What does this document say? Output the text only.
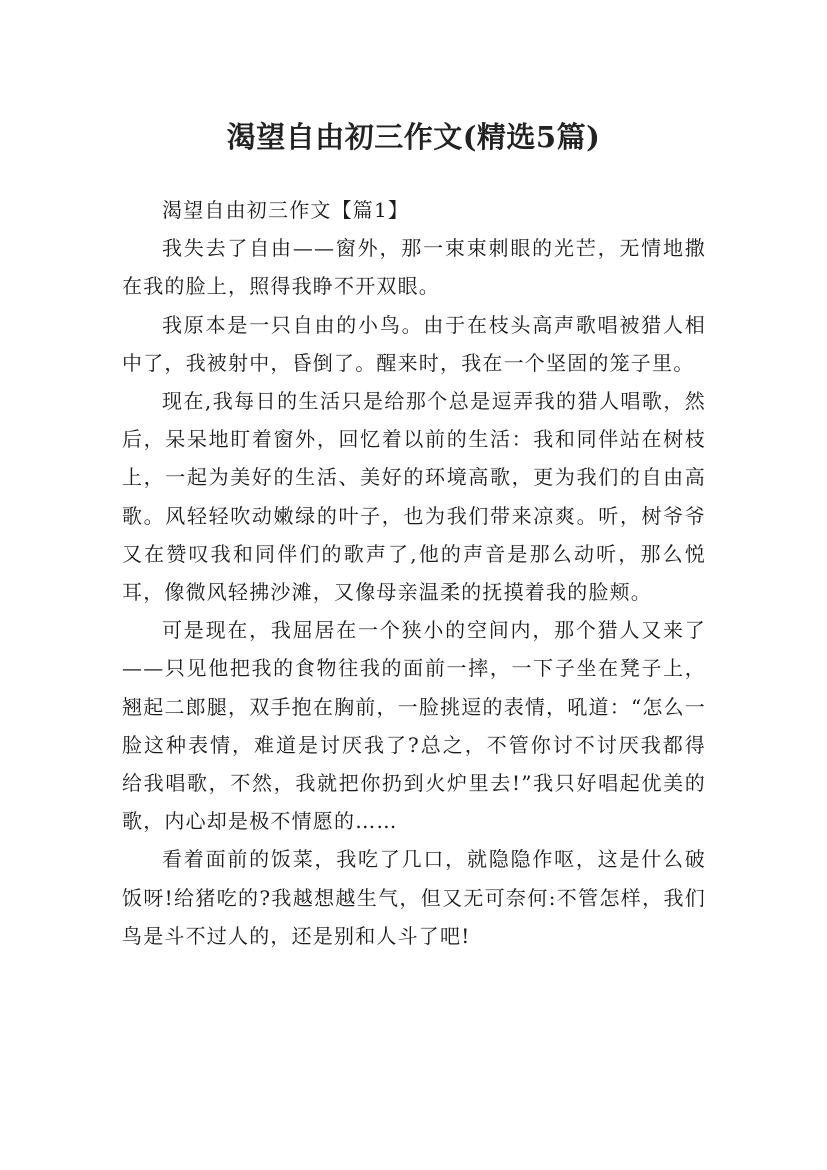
渴望自由初三作文(精选5篇)

渴望自由初三作文【篇1】

我失去了自由——窗外，那一束束刺眼的光芒，无情地撒在我的脸上，照得我睁不开双眼。

我原本是一只自由的小鸟。由于在枝头高声歌唱被猎人相中了，我被射中，昏倒了。醒来时，我在一个坚固的笼子里。

现在,我每日的生活只是给那个总是逗弄我的猎人唱歌，然后，呆呆地盯着窗外，回忆着以前的生活：我和同伴站在树枝上，一起为美好的生活、美好的环境高歌，更为我们的自由高歌。风轻轻吹动嫩绿的叶子，也为我们带来凉爽。听，树爷爷又在赞叹我和同伴们的歌声了,他的声音是那么动听，那么悦耳，像微风轻拂沙滩，又像母亲温柔的抚摸着我的脸颊。

可是现在，我屈居在一个狭小的空间内，那个猎人又来了——只见他把我的食物往我的面前一摔，一下子坐在凳子上，翘起二郎腿，双手抱在胸前，一脸挑逗的表情，吼道：“怎么一脸这种表情，难道是讨厌我了?总之，不管你讨不讨厌我都得给我唱歌，不然，我就把你扔到火炉里去!”我只好唱起优美的歌，内心却是极不情愿的……

看着面前的饭菜，我吃了几口，就隐隐作呕，这是什么破饭呀!给猪吃的?我越想越生气，但又无可奈何:不管怎样，我们鸟是斗不过人的，还是别和人斗了吧!
